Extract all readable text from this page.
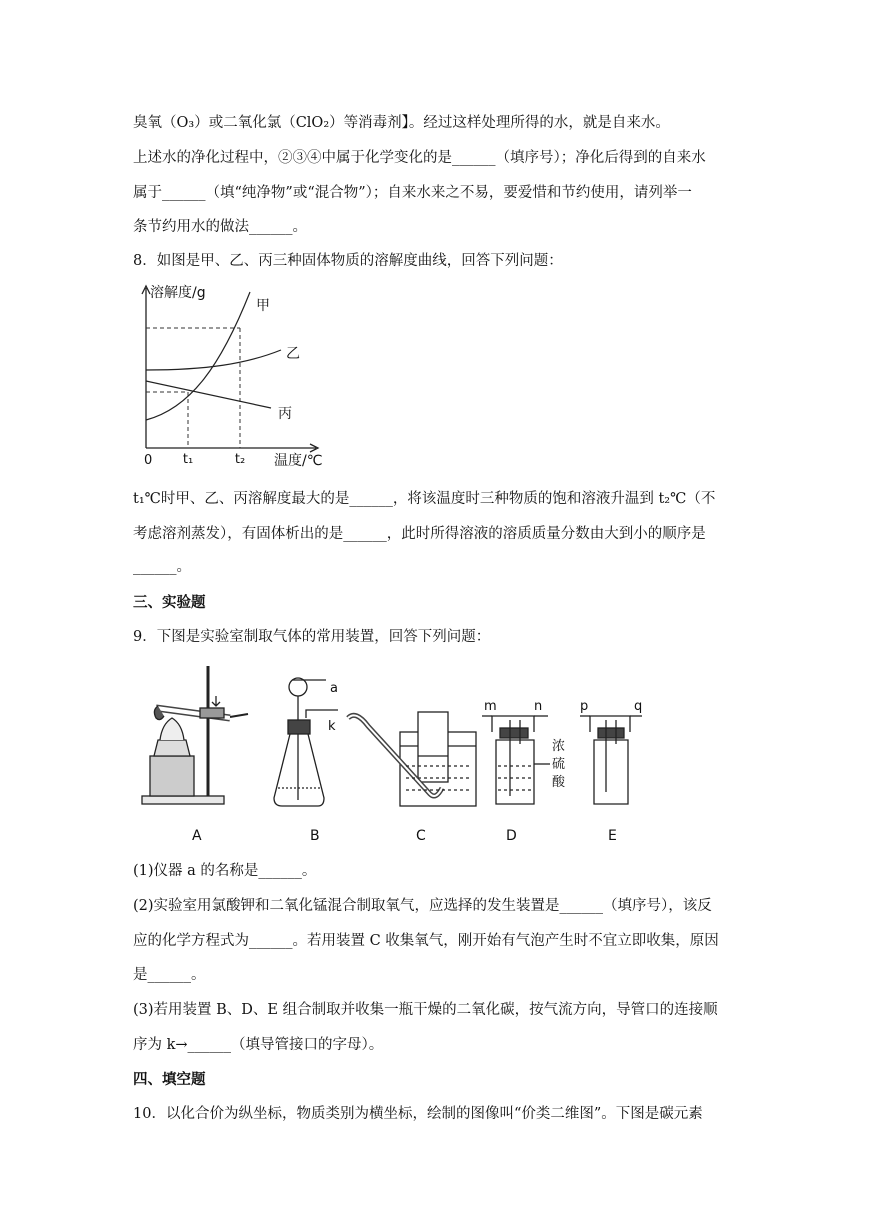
臭氧（O₃）或二氧化氯（ClO₂）等消毒剂】。经过这样处理所得的水，就是自来水。
上述水的净化过程中，②③④中属于化学变化的是______（填序号）；净化后得到的自来水
属于______（填“纯净物”或“混合物”）；自来水来之不易，要爱惜和节约使用，请列举一
条节约用水的做法______。
8．如图是甲、乙、丙三种固体物质的溶解度曲线，回答下列问题：
溶解度/g
甲
乙
丙
0 t₁	t₂ 温度/℃
t₁℃时甲、乙、丙溶解度最大的是______，将该温度时三种物质的饱和溶液升温到 t₂℃（不
考虑溶剂蒸发），有固体析出的是______，此时所得溶液的溶质质量分数由大到小的顺序是
______。
三、实验题
9．下图是实验室制取气体的常用装置，回答下列问题：
a
k
m	n	p	q
浓
硫
酸
A	B	C	D	E
(1)仪器 a 的名称是______。
(2)实验室用氯酸钾和二氧化锰混合制取氧气，应选择的发生装置是______（填序号），该反
应的化学方程式为______。若用装置 C 收集氧气，刚开始有气泡产生时不宜立即收集，原因
是______。
(3)若用装置 B、D、E 组合制取并收集一瓶干燥的二氧化碳，按气流方向，导管口的连接顺
序为 k→______（填导管接口的字母）。
四、填空题
10．以化合价为纵坐标，物质类别为横坐标，绘制的图像叫“价类二维图”。下图是碳元素
